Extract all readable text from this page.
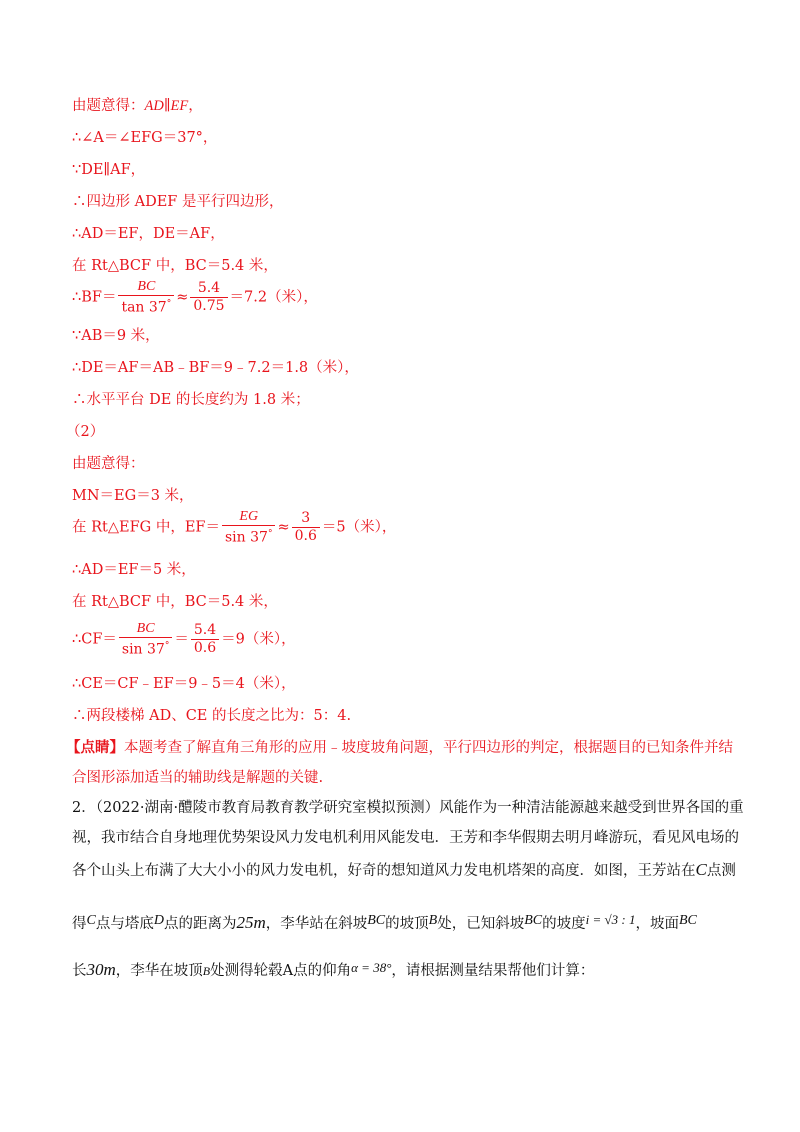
由题意得：AD∥EF，
∴∠A＝∠EFG＝37°，
∵DE∥AF，
∴四边形 ADEF 是平行四边形，
∴AD＝EF，DE＝AF，
在 Rt△BCF 中，BC＝5.4 米，
∴BF＝ $\frac{BC}{\tan 37^\circ} \approx \frac{5.4}{0.75} =7.2$（米），
∵AB＝9 米，
∴DE＝AF＝AB﹣BF＝9﹣7.2＝1.8（米），
∴水平平台 DE 的长度约为 1.8 米；
（2）
由题意得：
MN＝EG＝3 米，
在 Rt△EFG 中，$EF= \frac{EG}{\sin 37^\circ} \approx \frac{3}{0.6} =5$（米），
∴AD＝EF＝5 米，
在 Rt△BCF 中，BC＝5.4 米，
∴CF＝ $\frac{BC}{\sin 37^\circ} = \frac{5.4}{0.6} =9$（米），
∴CE＝CF﹣EF＝9﹣5＝4（米），
∴两段楼梯 AD、CE 的长度之比为：5：4.
【点睛】本题考查了解直角三角形的应用﹣坡度坡角问题，平行四边形的判定，根据题目的已知条件并结
合图形添加适当的辅助线是解题的关键.
2．（2022·湖南·醴陵市教育局教育教学研究室模拟预测）风能作为一种清洁能源越来越受到世界各国的重
视，我市结合自身地理优势架设风力发电机利用风能发电．王芳和李华假期去明月峰游玩，看见风电场的
各个山头上布满了大大小小的风力发电机，好奇的想知道风力发电机塔架的高度．如图，王芳站在C点测
得C点与塔底D点的距离为25m，李华站在斜坡BC的坡顶B处，已知斜坡BC的坡度i = √3 : 1，坡面BC
长30m，李华在坡顶B处测得轮毂A点的仰角α = 38°，请根据测量结果帮他们计算：
